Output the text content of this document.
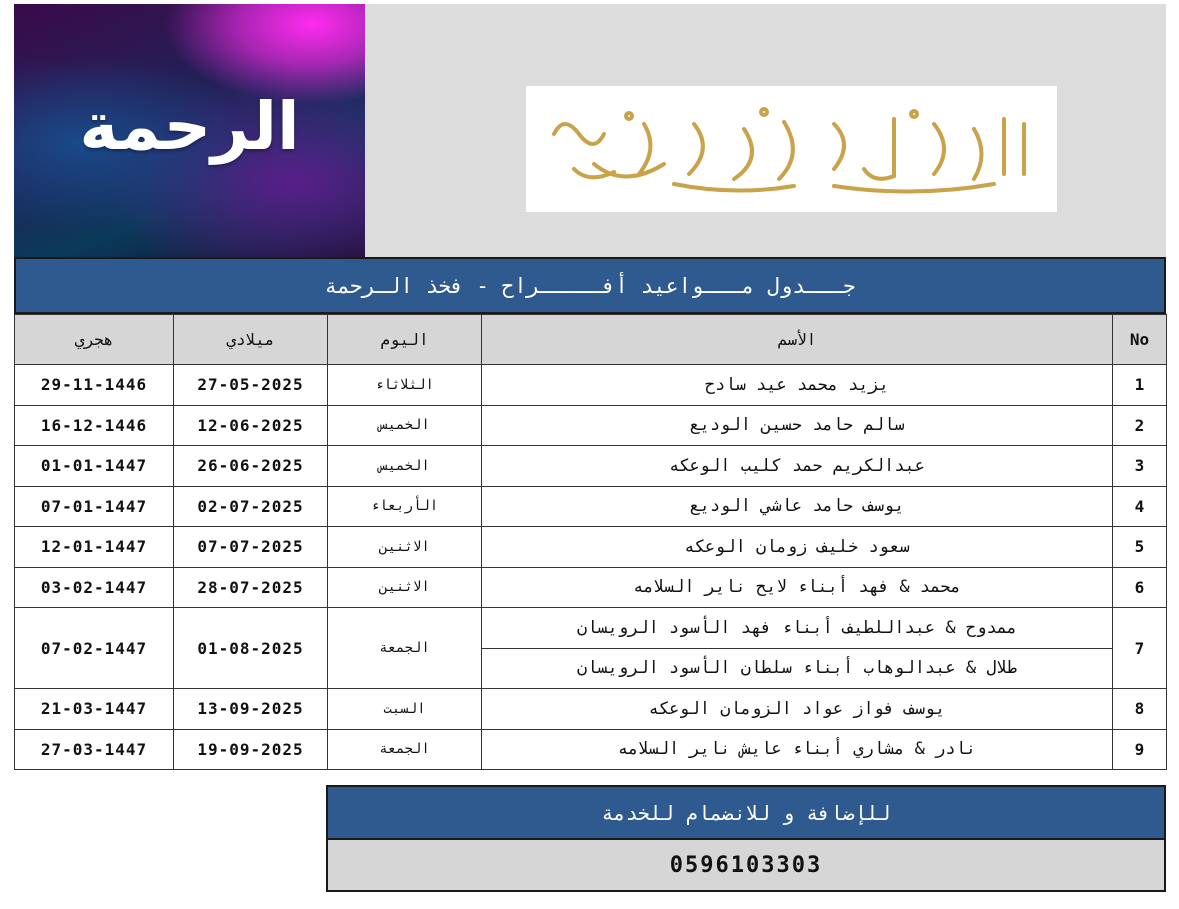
الرحمة
جـــدول مـــواعيد أفـــــراح - فخذ الـرحمة
هجري	ميلادي	اليوم	الأسم	No
29-11-1446	27-05-2025	الثلاثاء	يزيد محمد عيد سادح	1
16-12-1446	12-06-2025	الخميس	سالم حامد حسين الوديع	2
01-01-1447	26-06-2025	الخميس	عبدالكريم حمد كليب الوعكه	3
07-01-1447	02-07-2025	الأربعاء	يوسف حامد عاشي الوديع	4
12-01-1447	07-07-2025	الاثنين	سعود خليف زومان الوعكه	5
03-02-1447	28-07-2025	الاثنين	محمد & فهد أبناء لايح ناير السلامه	6
07-02-1447	01-08-2025	الجمعة	ممدوح & عبداللطيف أبناء فهد الأسود الرويسان	7
			طلال & عبدالوهاب أبناء سلطان الأسود الرويسان	
21-03-1447	13-09-2025	السبت	يوسف فواز عواد الزومان الوعكه	8
27-03-1447	19-09-2025	الجمعة	نادر & مشاري أبناء عايش ناير السلامه	9
للإضافة و للانضمام للخدمة
0596103303
